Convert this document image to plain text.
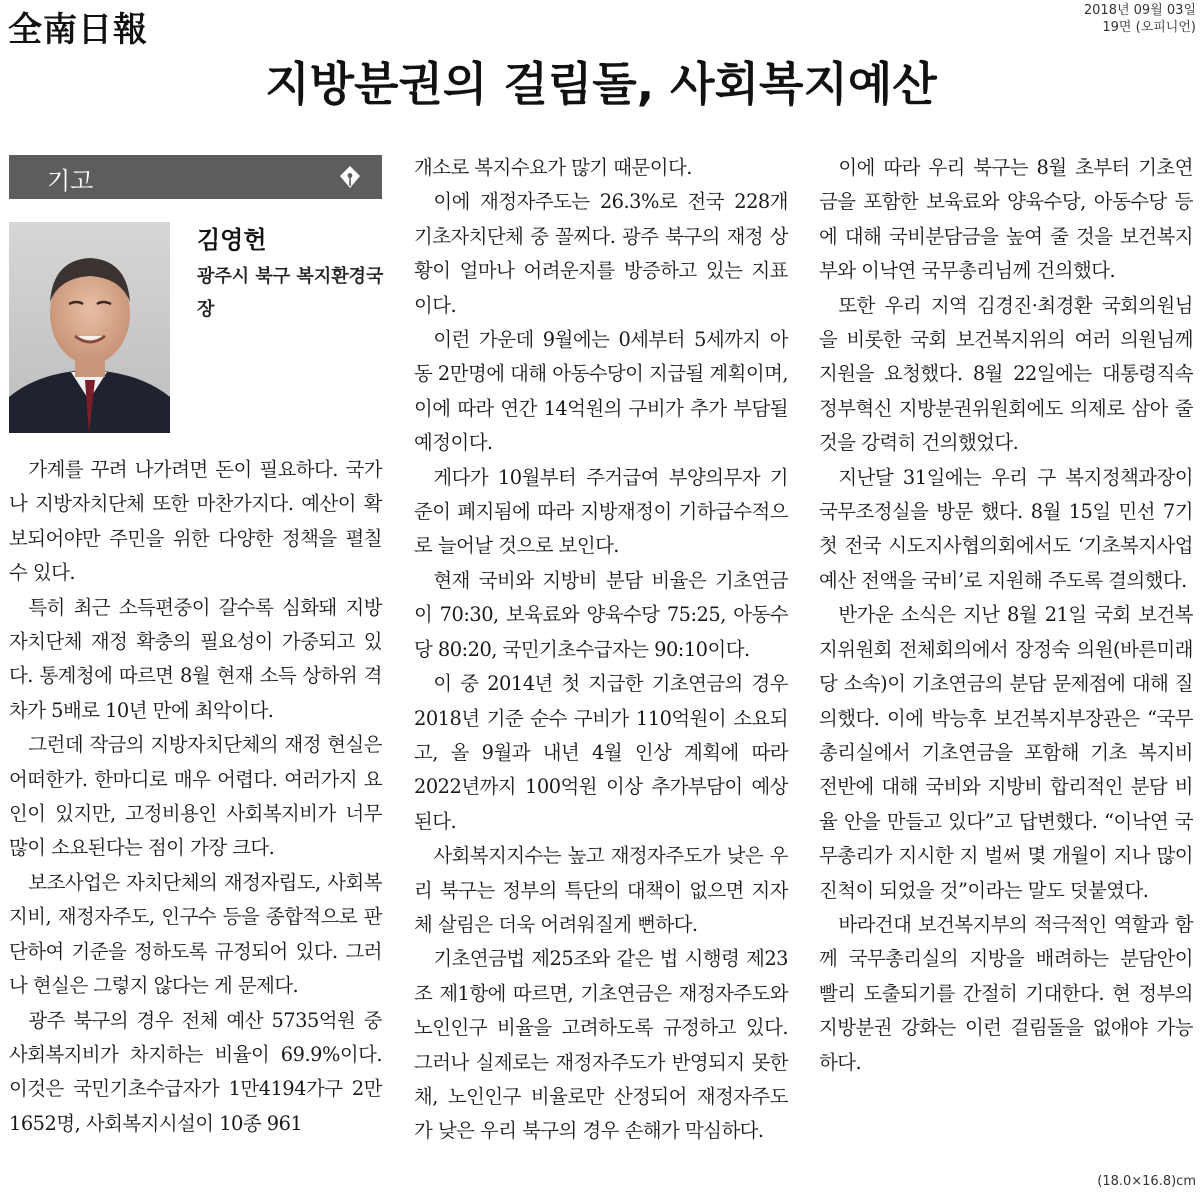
全南日報	2018년 09월 03일
19면 (오피니언)
지방분권의 걸림돌, 사회복지예산
기고
김영헌
광주시 북구 복지환경국장

가계를 꾸려 나가려면 돈이 필요하다. 국가나 지방자치단체 또한 마찬가지다. 예산이 확보되어야만 주민을 위한 다양한 정책을 펼칠 수 있다.

특히 최근 소득편중이 갈수록 심화돼 지방자치단체 재정 확충의 필요성이 가중되고 있다. 통계청에 따르면 8월 현재 소득 상하위 격차가 5배로 10년 만에 최악이다.

그런데 작금의 지방자치단체의 재정 현실은 어떠한가. 한마디로 매우 어렵다. 여러가지 요인이 있지만, 고정비용인 사회복지비가 너무 많이 소요된다는 점이 가장 크다.

보조사업은 자치단체의 재정자립도, 사회복지비, 재정자주도, 인구수 등을 종합적으로 판단하여 기준을 정하도록 규정되어 있다. 그러나 현실은 그렇지 않다는 게 문제다.

광주 북구의 경우 전체 예산 5735억원 중 사회복지비가 차지하는 비율이 69.9%이다. 이것은 국민기초수급자가 1만4194가구 2만1652명, 사회복지시설이 10종 961

개소로 복지수요가 많기 때문이다.

이에 재정자주도는 26.3%로 전국 228개 기초자치단체 중 꼴찌다. 광주 북구의 재정 상황이 얼마나 어려운지를 방증하고 있는 지표이다.

이런 가운데 9월에는 0세부터 5세까지 아동 2만명에 대해 아동수당이 지급될 계획이며, 이에 따라 연간 14억원의 구비가 추가 부담될 예정이다.

게다가 10월부터 주거급여 부양의무자 기준이 폐지됨에 따라 지방재정이 기하급수적으로 늘어날 것으로 보인다.

현재 국비와 지방비 분담 비율은 기초연금이 70:30, 보육료와 양육수당 75:25, 아동수당 80:20, 국민기초수급자는 90:10이다.

이 중 2014년 첫 지급한 기초연금의 경우 2018년 기준 순수 구비가 110억원이 소요되고, 올 9월과 내년 4월 인상 계획에 따라 2022년까지 100억원 이상 추가부담이 예상된다.

사회복지지수는 높고 재정자주도가 낮은 우리 북구는 정부의 특단의 대책이 없으면 지자체 살림은 더욱 어려워질게 뻔하다.

기초연금법 제25조와 같은 법 시행령 제23조 제1항에 따르면, 기초연금은 재정자주도와 노인인구 비율을 고려하도록 규정하고 있다. 그러나 실제로는 재정자주도가 반영되지 못한 채, 노인인구 비율로만 산정되어 재정자주도가 낮은 우리 북구의 경우 손해가 막심하다.

이에 따라 우리 북구는 8월 초부터 기초연금을 포함한 보육료와 양육수당, 아동수당 등에 대해 국비분담금을 높여 줄 것을 보건복지부와 이낙연 국무총리님께 건의했다.

또한 우리 지역 김경진·최경환 국회의원님을 비롯한 국회 보건복지위의 여러 의원님께 지원을 요청했다. 8월 22일에는 대통령직속 정부혁신 지방분권위원회에도 의제로 삼아 줄 것을 강력히 건의했었다.

지난달 31일에는 우리 구 복지정책과장이 국무조정실을 방문 했다. 8월 15일 민선 7기 첫 전국 시도지사협의회에서도 ‘기초복지사업 예산 전액을 국비’로 지원해 주도록 결의했다.

반가운 소식은 지난 8월 21일 국회 보건복지위원회 전체회의에서 장정숙 의원(바른미래당 소속)이 기초연금의 분담 문제점에 대해 질의했다. 이에 박능후 보건복지부장관은 “국무총리실에서 기초연금을 포함해 기초 복지비 전반에 대해 국비와 지방비 합리적인 분담 비율 안을 만들고 있다”고 답변했다. “이낙연 국무총리가 지시한 지 벌써 몇 개월이 지나 많이 진척이 되었을 것”이라는 말도 덧붙였다.

바라건대 보건복지부의 적극적인 역할과 함께 국무총리실의 지방을 배려하는 분담안이 빨리 도출되기를 간절히 기대한다. 현 정부의 지방분권 강화는 이런 걸림돌을 없애야 가능하다.

(18.0×16.8)cm
